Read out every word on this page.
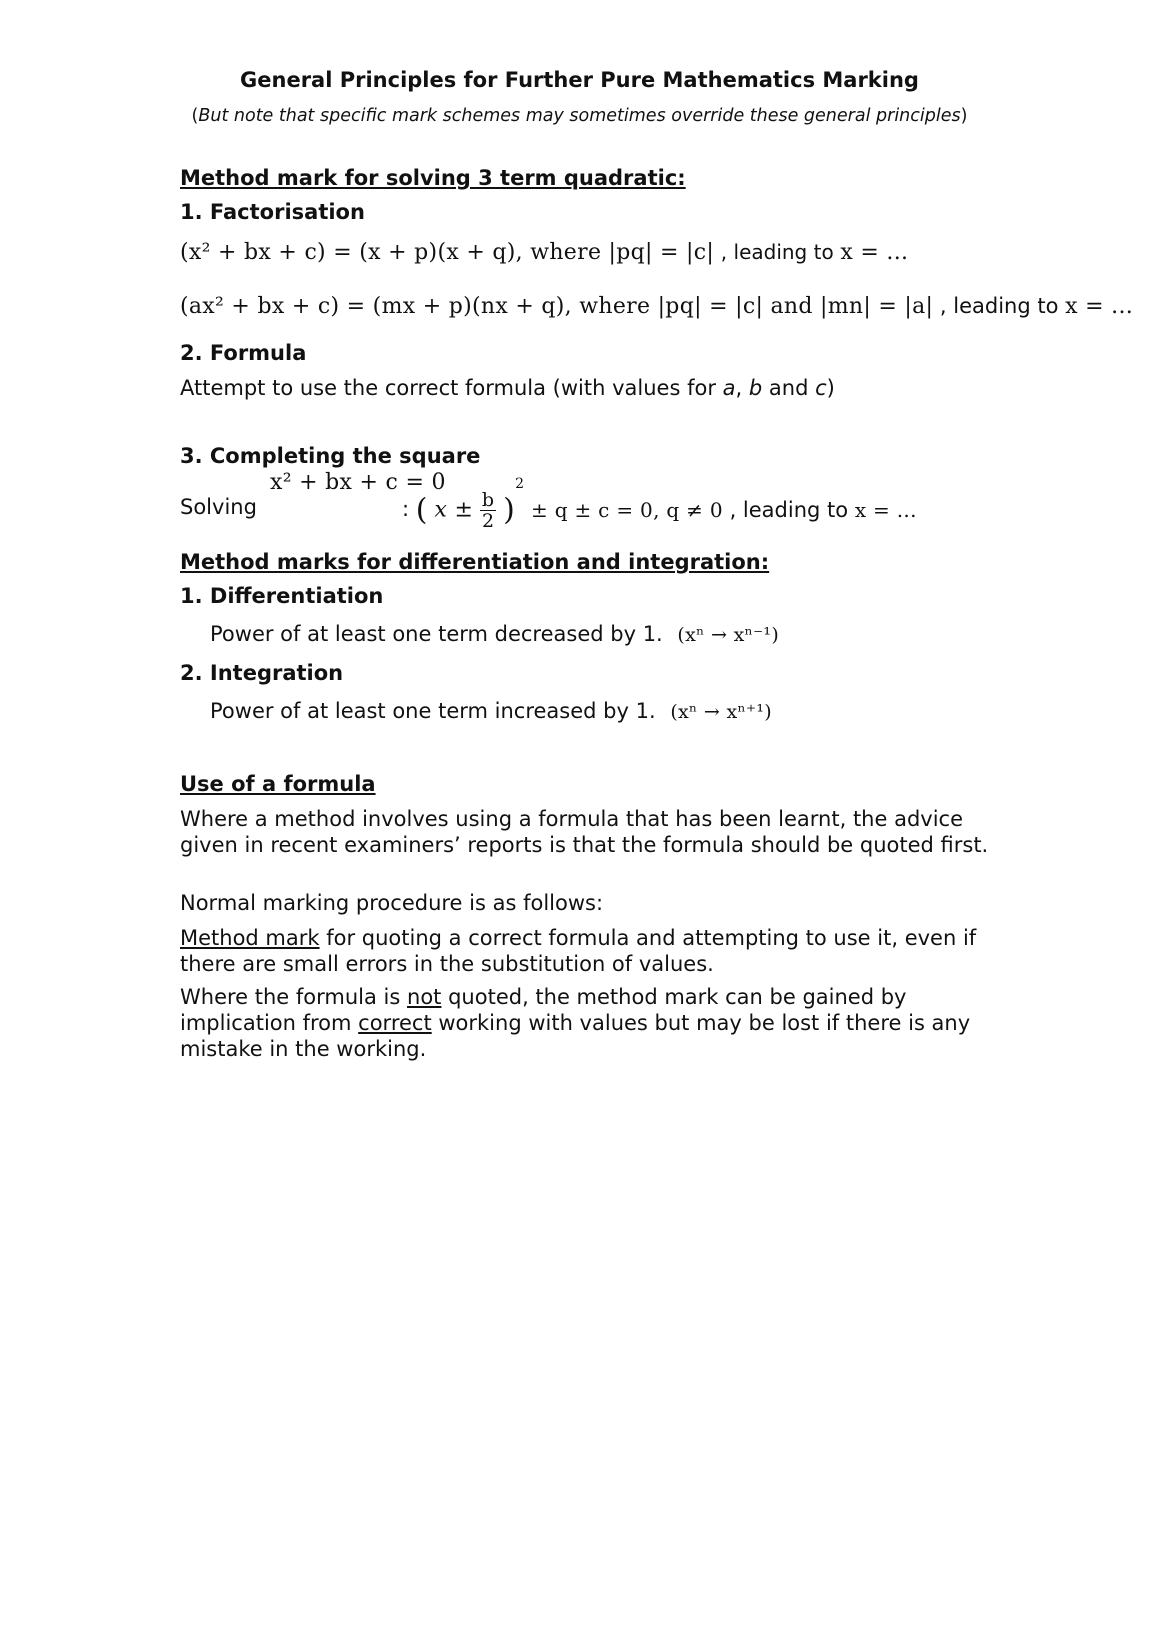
General Principles for Further Pure Mathematics Marking
(But note that specific mark schemes may sometimes override these general principles)
Method mark for solving 3 term quadratic:
1. Factorisation
(x² + bx + c) = (x + p)(x + q), where |pq| = |c| , leading to x = ...
(ax² + bx + c) = (mx + p)(nx + q), where |pq| = |c| and |mn| = |a| , leading to x = ...
2. Formula
Attempt to use the correct formula (with values for a, b and c)
3. Completing the square
x² + bx + c = 0
Solving	: ( $x \pm \frac{b}{2} )^2 \pm q \pm c = 0$, q ≠ 0 , leading to x = ...
Method marks for differentiation and integration:
1. Differentiation
Power of at least one term decreased by 1. (xⁿ → xⁿ⁻¹)
2. Integration
Power of at least one term increased by 1. (xⁿ → xⁿ⁺¹)
Use of a formula
Where a method involves using a formula that has been learnt, the advice given in recent examiners’ reports is that the formula should be quoted first.
Normal marking procedure is as follows:
Method mark for quoting a correct formula and attempting to use it, even if there are small errors in the substitution of values.
Where the formula is not quoted, the method mark can be gained by implication from correct working with values but may be lost if there is any mistake in the working.
